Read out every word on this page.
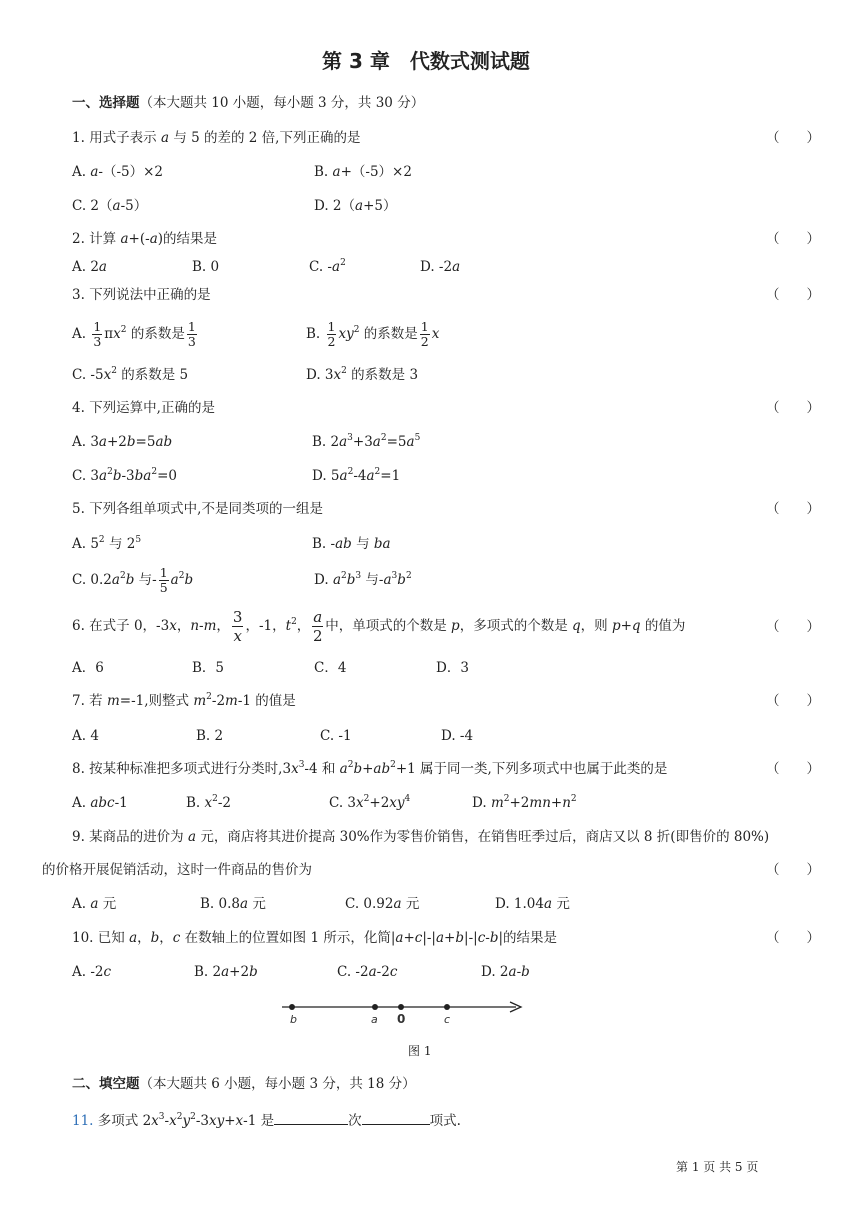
第 3 章　代数式测试题
一、选择题（本大题共 10 小题，每小题 3 分，共 30 分）
1. 用式子表示 a 与 5 的差的 2 倍,下列正确的是	（　　）
A. a-（-5）×2	B. a+（-5）×2
C. 2（a-5）	D. 2（a+5）
2. 计算 a+(-a)的结果是	（　　）
A. 2a	B. 0	C. $-a^2$	D. -2a
3. 下列说法中正确的是	（　　）
A. $\frac{1}{3} \pi x^2$ 的系数是 $\frac{1}{3}$	B. $\frac{1}{2} xy^2$ 的系数是 $\frac{1}{2}$ x
C. $-5x^2$ 的系数是 5	D. $3x^2$ 的系数是 3
4. 下列运算中,正确的是	（　　）
A. 3a+2b=5ab	B. $2a^3+3a^2=5a^5$
C. $3a^2b-3ba^2=0$	D. $5a^2-4a^2=1$
5. 下列各组单项式中,不是同类项的一组是	（　　）
A. $5^2$ 与 $2^5$	B. -ab 与 ba
C. $0.2a^2b$ 与- $\frac{1}{5} a^2b$	D. $a^2b^3$ 与$-a^3b^2$
6. 在式子 0，-3x，n-m， $\frac{3}{x}$ ，-1，$t^2$， $\frac{a}{2}$ 中，单项式的个数是 p，多项式的个数是 q，则 p+q 的值为	（　　）
A．6	B．5	C．4	D．3
7. 若 m=-1,则整式 $m^2-2m-1$ 的值是	（　　）
A. 4	B. 2	C. -1	D. -4
8. 按某种标准把多项式进行分类时$,3x^3-4$ 和 $a^2b+ab^2+1$ 属于同一类,下列多项式中也属于此类的是	（　　）
A. abc-1	B. $x^2-2$	C. $3x^2+2xy^4$	D. $m^2+2mn+n^2$
9. 某商品的进价为 a 元，商店将其进价提高 30%作为零售价销售，在销售旺季过后，商店又以 8 折(即售价的 80%)
的价格开展促销活动，这时一件商品的售价为	（　　）
A. a 元	B. 0.8a 元	C. 0.92a 元	D. 1.04a 元
10. 已知 a，b，c 在数轴上的位置如图 1 所示，化简|a+c|-|a+b|-|c-b|的结果是	（　　）
A. -2c	B. 2a+2b	C. -2a-2c	D. 2a-b
b	a 0	c
图 1
二、填空题（本大题共 6 小题，每小题 3 分，共 18 分）
11. 多项式 $2x^3-x^2y^2-3xy+x-1$ 是	次	项式.
第 1 页 共 5 页
